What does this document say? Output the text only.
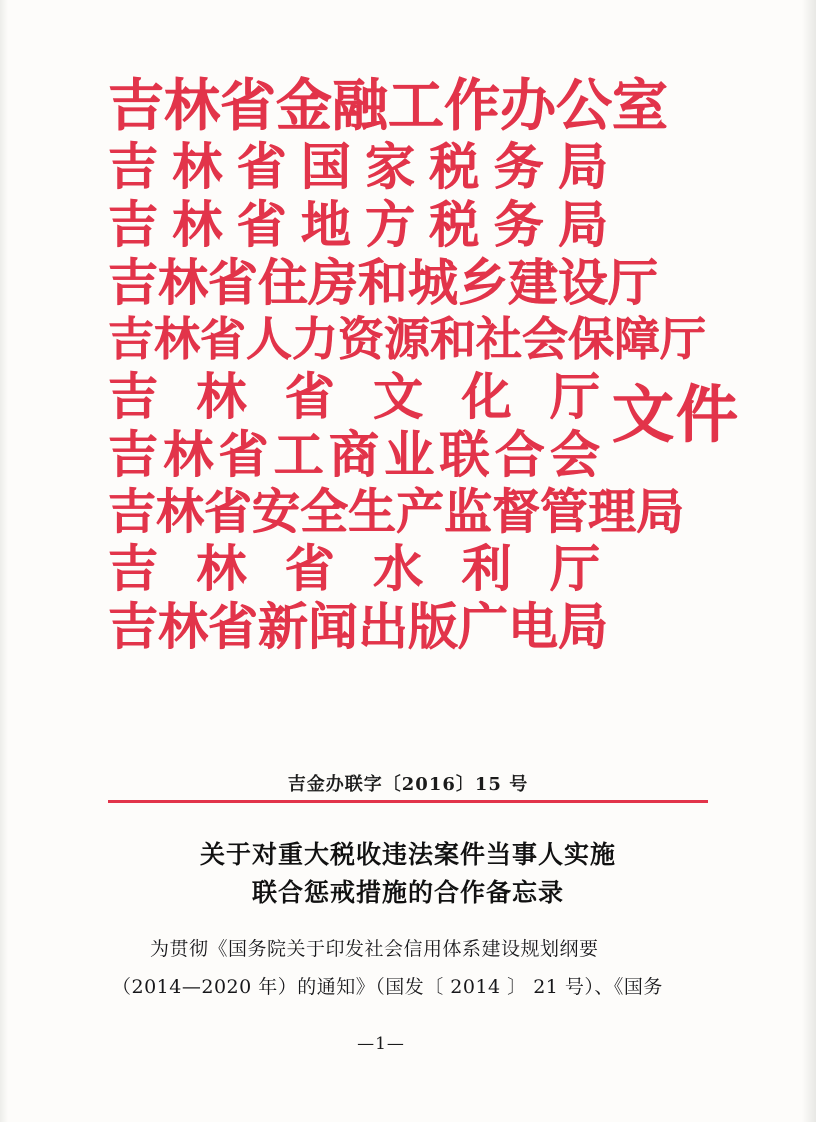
吉 林 省 金 融 工 作 办 公 室
吉 林 省 国 家 税 务 局
吉 林 省 地 方 税 务 局
吉 林 省 住 房 和 城 乡 建 设 厅
吉 林 省 人 力 资 源 和 社 会 保 障 厅
吉 林 省 文 化 厅
吉 林 省 工 商 业 联 合 会
吉 林 省 安 全 生 产 监 督 管 理 局
吉 林 省 水 利 厅
吉 林 省 新 闻 出 版 广 电 局
文件
吉金办联字〔2016〕15 号
关于对重大税收违法案件当事人实施
联合惩戒措施的合作备忘录

为贯彻《国务院关于印发社会信用体系建设规划纲要

（2014—2020 年）的通知》（国发〔 2014 〕 21 号）、《国务

—1—
